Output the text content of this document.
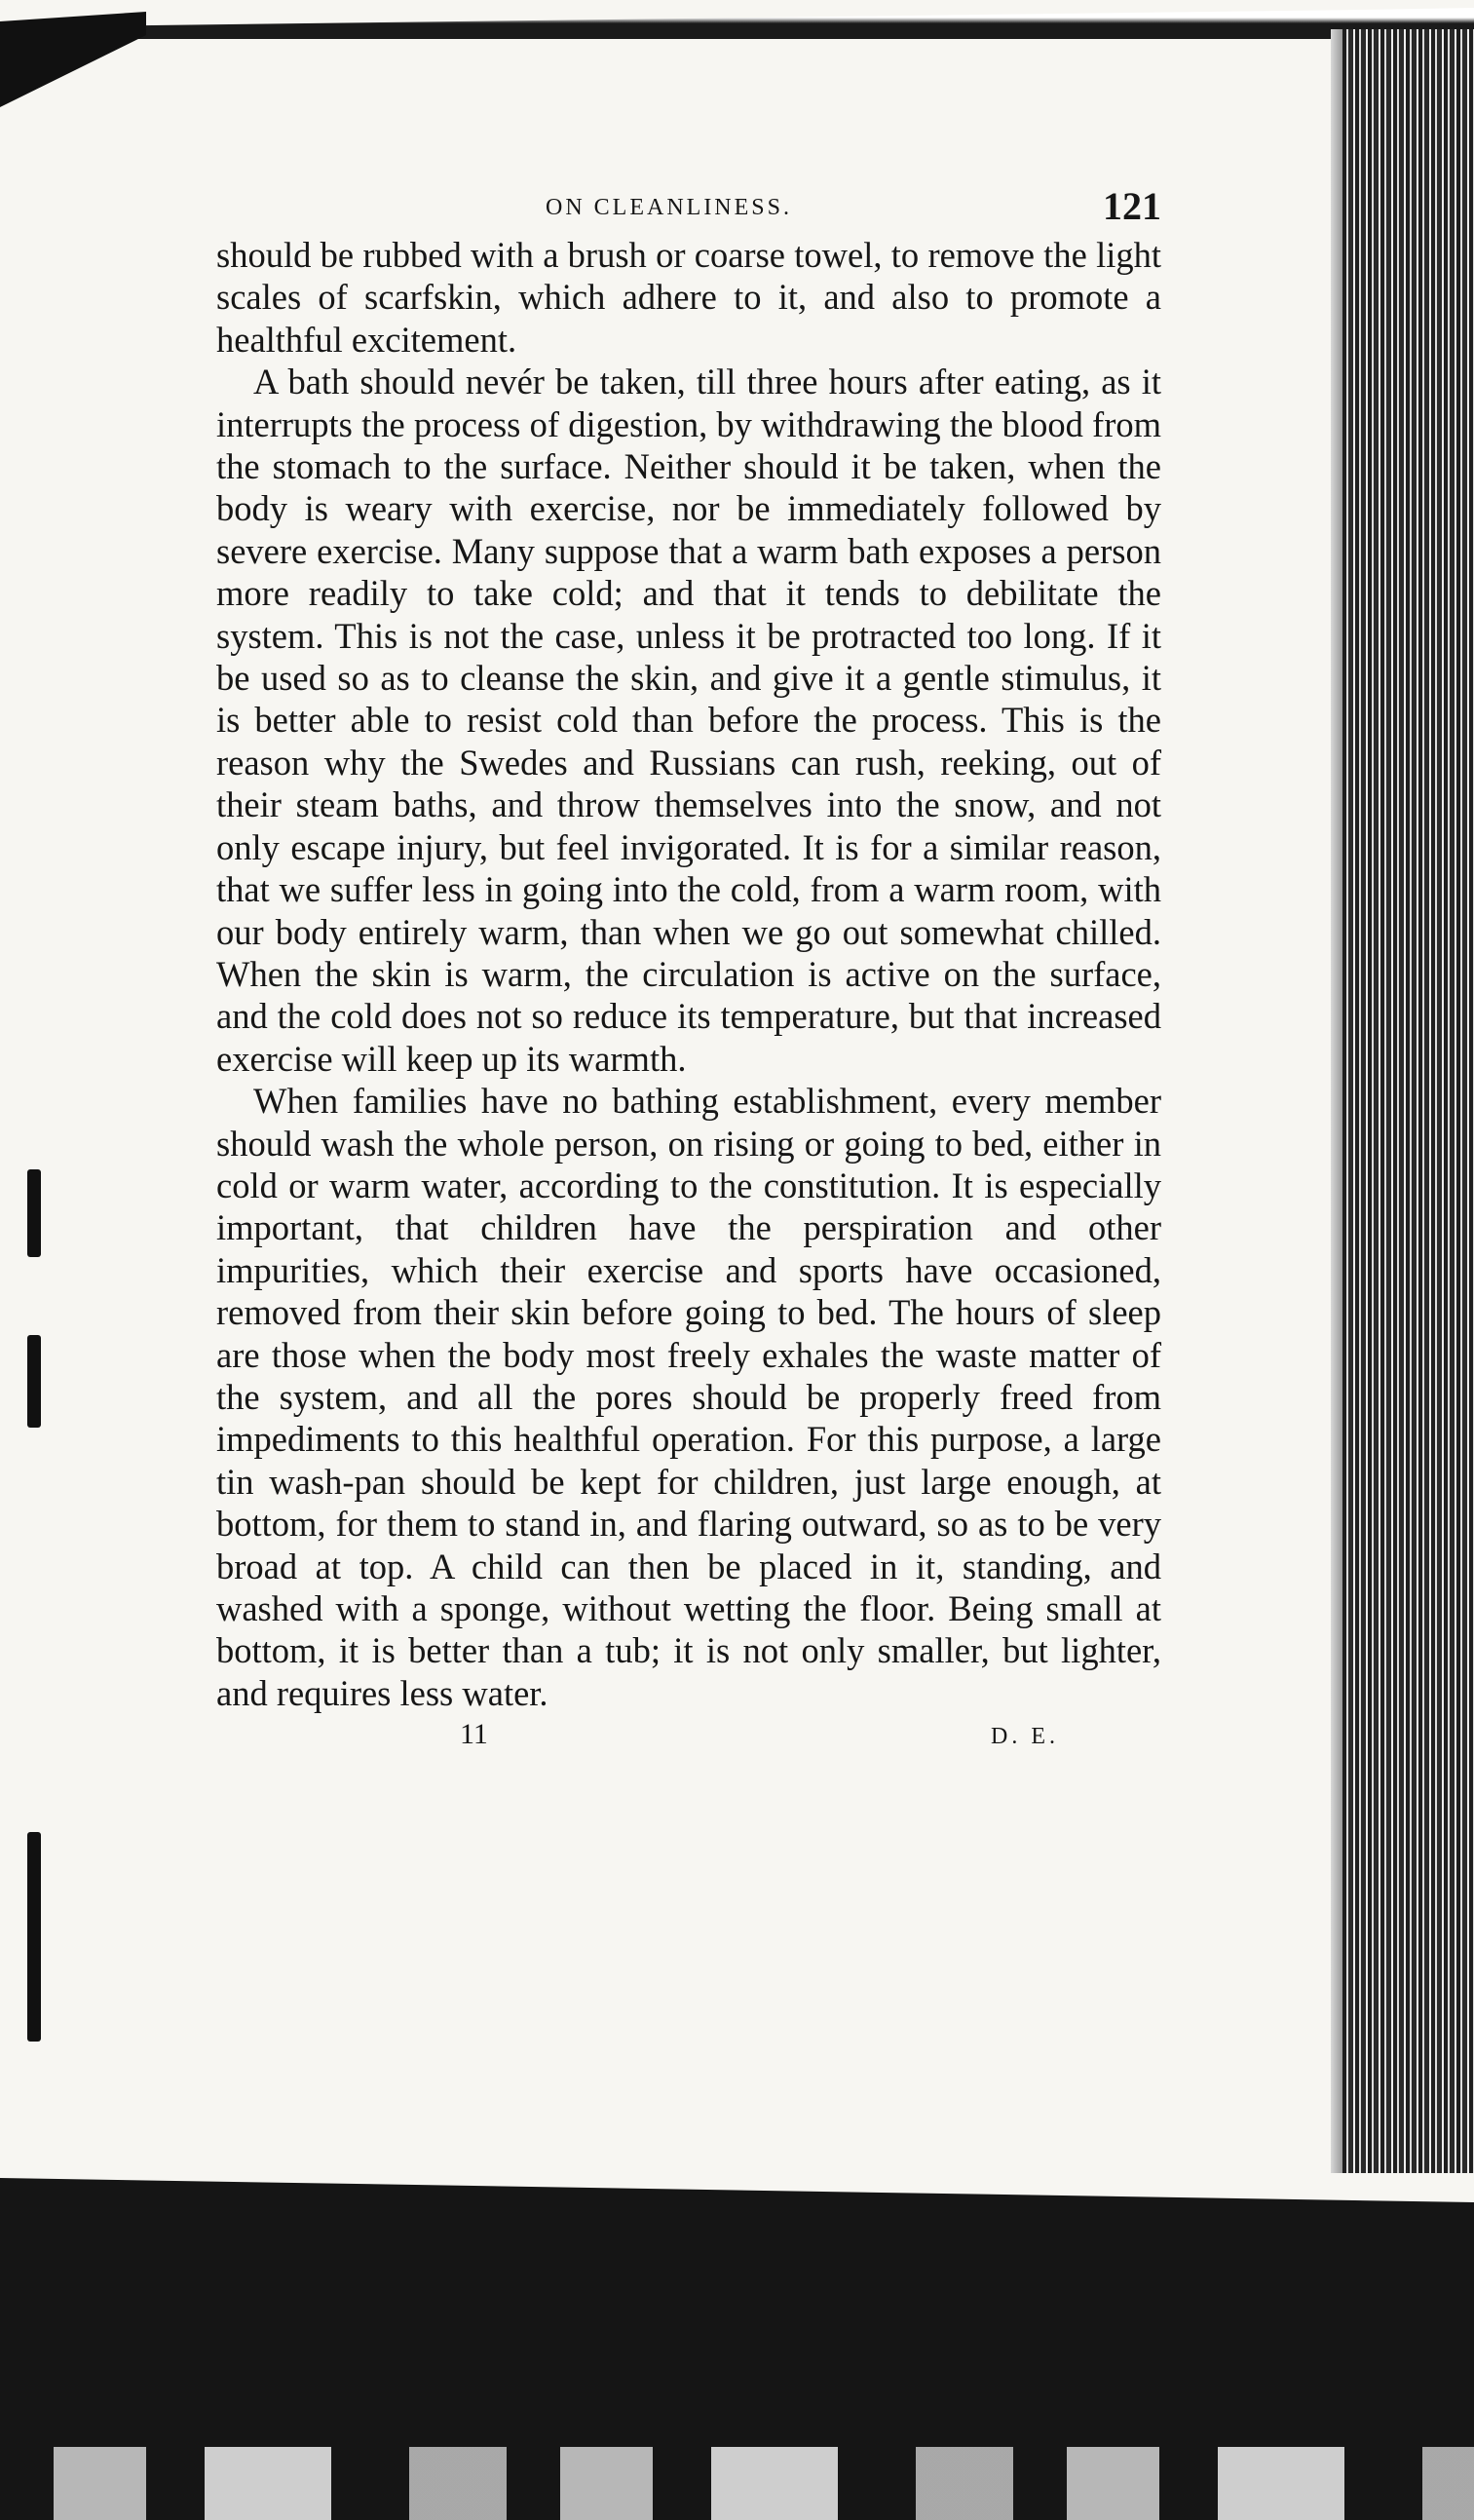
ON CLEANLINESS.	121

should be rubbed with a brush or coarse towel, to remove the light scales of scarfskin, which adhere to it, and also to promote a healthful excitement.

A bath should nevér be taken, till three hours after eating, as it interrupts the process of digestion, by withdrawing the blood from the stomach to the surface. Neither should it be taken, when the body is weary with exercise, nor be immediately followed by severe exercise. Many suppose that a warm bath exposes a person more readily to take cold; and that it tends to debilitate the system. This is not the case, unless it be protracted too long. If it be used so as to cleanse the skin, and give it a gentle stimulus, it is better able to resist cold than before the process. This is the reason why the Swedes and Russians can rush, reeking, out of their steam baths, and throw themselves into the snow, and not only escape injury, but feel invigorated. It is for a similar reason, that we suffer less in going into the cold, from a warm room, with our body entirely warm, than when we go out somewhat chilled. When the skin is warm, the circulation is active on the surface, and the cold does not so reduce its temperature, but that increased exercise will keep up its warmth.

When families have no bathing establishment, every member should wash the whole person, on rising or going to bed, either in cold or warm water, according to the constitution. It is especially important, that children have the perspiration and other impurities, which their exercise and sports have occasioned, removed from their skin before going to bed. The hours of sleep are those when the body most freely exhales the waste matter of the system, and all the pores should be properly freed from impediments to this healthful operation. For this purpose, a large tin wash-pan should be kept for children, just large enough, at bottom, for them to stand in, and flaring outward, so as to be very broad at top. A child can then be placed in it, standing, and washed with a sponge, without wetting the floor. Being small at bottom, it is better than a tub; it is not only smaller, but lighter, and requires less water.

11	D. E.
